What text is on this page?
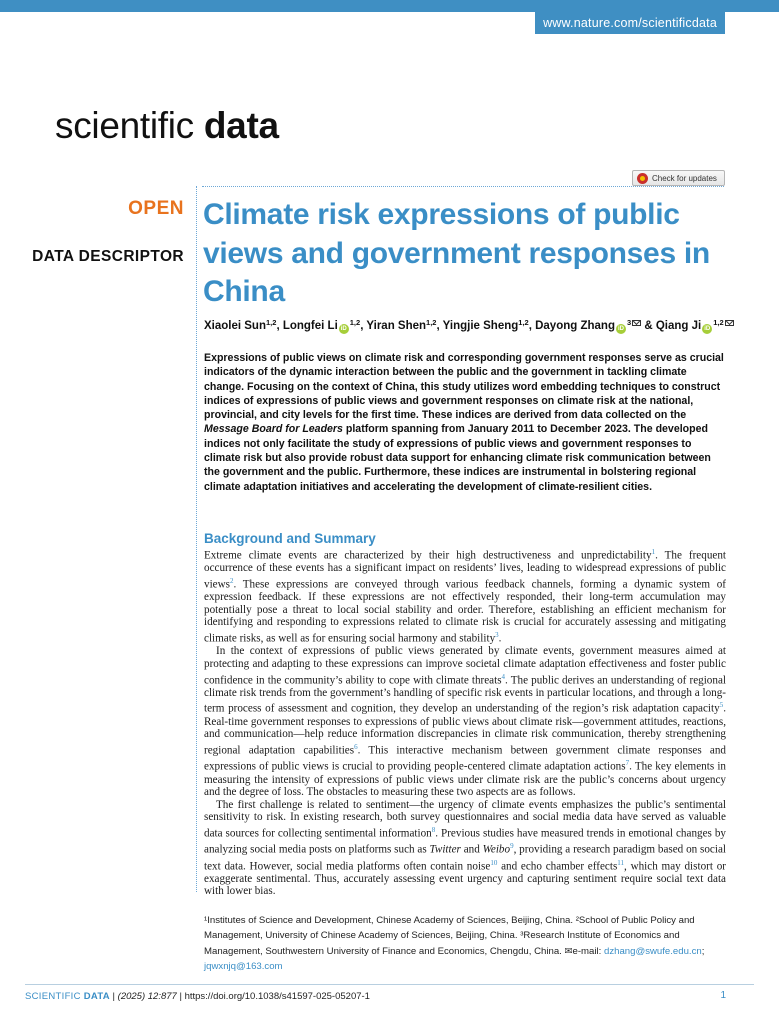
www.nature.com/scientificdata
scientific data
OPEN
DATA DESCRIPTOR
Check for updates
Climate risk expressions of public views and government responses in China
Xiaolei Sun$^{1,2}$, Longfei Li iD$^{1,2}$, Yiran Shen$^{1,2}$, Yingjie Sheng$^{1,2}$, Dayong Zhang $iD^3$ & Qiang Ji iD$^{1,2}$

Expressions of public views on climate risk and corresponding government responses serve as crucial indicators of the dynamic interaction between the public and the government in tackling climate change. Focusing on the context of China, this study utilizes word embedding techniques to construct indices of expressions of public views and government responses on climate risk at the national, provincial, and city levels for the first time. These indices are derived from data collected on the Message Board for Leaders platform spanning from January 2011 to December 2023. The developed indices not only facilitate the study of expressions of public views and government responses to climate risk but also provide robust data support for enhancing climate risk communication between the government and the public. Furthermore, these indices are instrumental in bolstering regional climate adaptation initiatives and accelerating the development of climate-resilient cities.

Background and Summary

Extreme climate events are characterized by their high destructiveness and unpredictability$^1$. The frequent occurrence of these events has a significant impact on residents’ lives, leading to widespread expressions of public views$^2$. These expressions are conveyed through various feedback channels, forming a dynamic system of expression feedback. If these expressions are not effectively responded, their long-term accumulation may potentially pose a threat to local social stability and order. Therefore, establishing an efficient mechanism for identifying and responding to expressions related to climate risk is crucial for accurately assessing and mitigating climate risks, as well as for ensuring social harmony and stability$^3$.

In the context of expressions of public views generated by climate events, government measures aimed at protecting and adapting to these expressions can improve societal climate adaptation effectiveness and foster public confidence in the community’s ability to cope with climate threats$^4$. The public derives an understanding of regional climate risk trends from the government’s handling of specific risk events in particular locations, and through a long-term process of assessment and cognition, they develop an understanding of the region’s risk adaptation capacity$^5$. Real-time government responses to expressions of public views about climate risk—government attitudes, reactions, and communication—help reduce information discrepancies in climate risk communication, thereby strengthening regional adaptation capabilities$^6$. This interactive mechanism between government climate responses and expressions of public views is crucial to providing people-centered climate adaptation actions$^7$. The key elements in measuring the intensity of expressions of public views under climate risk are the public’s concerns about urgency and the degree of loss. The obstacles to measuring these two aspects are as follows.

The first challenge is related to sentiment—the urgency of climate events emphasizes the public’s sentimental sensitivity to risk. In existing research, both survey questionnaires and social media data have served as valuable data sources for collecting sentimental information$^8$. Previous studies have measured trends in emotional changes by analyzing social media posts on platforms such as Twitter and Weibo$^9$, providing a research paradigm based on social text data. However, social media platforms often contain noise$^{10}$ and echo chamber effects$^{11}$, which may distort or exaggerate sentimental. Thus, accurately assessing event urgency and capturing sentiment require social text data with lower bias.

¹Institutes of Science and Development, Chinese Academy of Sciences, Beijing, China. ²School of Public Policy and Management, University of Chinese Academy of Sciences, Beijing, China. ³Research Institute of Economics and Management, Southwestern University of Finance and Economics, Chengdu, China. ✉e-mail: dzhang@swufe.edu.cn; jqwxnjq@163.com
SCIENTIFIC DATA | (2025) 12:877 | https://doi.org/10.1038/s41597-025-05207-1	1
